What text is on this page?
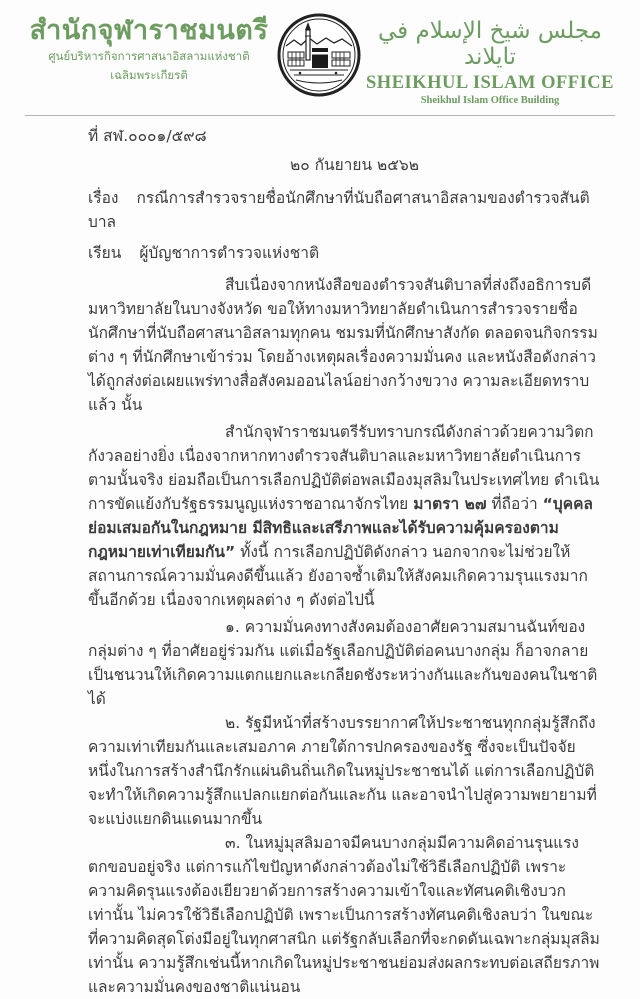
สำนักจุฬาราชมนตรี
ศูนย์บริหารกิจการศาสนาอิสลามแห่งชาติ
เฉลิมพระเกียรติ
مجلس شيخ الإسلام في تايلاند
SHEIKHUL ISLAM OFFICE
Sheikhul Islam Office Building
ที่ สฬ.๐๐๐๑/๕๙๘
๒๐ กันยายน ๒๕๖๒
เรื่อง กรณีการสำรวจรายชื่อนักศึกษาที่นับถือศาสนาอิสลามของตำรวจสันติบาล
เรียน ผู้บัญชาการตำรวจแห่งชาติ

สืบเนื่องจากหนังสือของตำรวจสันติบาลที่ส่งถึงอธิการบดีมหาวิทยาลัยในบางจังหวัด ขอให้ทางมหาวิทยาลัยดำเนินการสำรวจรายชื่อนักศึกษาที่นับถือศาสนาอิสลามทุกคน ชมรมที่นักศึกษาสังกัด ตลอดจนกิจกรรมต่าง ๆ ที่นักศึกษาเข้าร่วม โดยอ้างเหตุผลเรื่องความมั่นคง และหนังสือดังกล่าวได้ถูกส่งต่อเผยแพร่ทางสื่อสังคมออนไลน์อย่างกว้างขวาง ความละเอียดทราบแล้ว นั้น

สำนักจุฬาราชมนตรีรับทราบกรณีดังกล่าวด้วยความวิตกกังวลอย่างยิ่ง เนื่องจากหากทางตำรวจสันติบาลและมหาวิทยาลัยดำเนินการตามนั้นจริง ย่อมถือเป็นการเลือกปฏิบัติต่อพลเมืองมุสลิมในประเทศไทย ดำเนินการขัดแย้งกับรัฐธรรมนูญแห่งราชอาณาจักรไทย มาตรา ๒๗ ที่ถือว่า “บุคคลย่อมเสมอกันในกฎหมาย มีสิทธิและเสรีภาพและได้รับความคุ้มครองตามกฎหมายเท่าเทียมกัน” ทั้งนี้ การเลือกปฏิบัติดังกล่าว นอกจากจะไม่ช่วยให้สถานการณ์ความมั่นคงดีขึ้นแล้ว ยังอาจซ้ำเติมให้สังคมเกิดความรุนแรงมากขึ้นอีกด้วย เนื่องจากเหตุผลต่าง ๆ ดังต่อไปนี้

๑. ความมั่นคงทางสังคมต้องอาศัยความสมานฉันท์ของกลุ่มต่าง ๆ ที่อาศัยอยู่ร่วมกัน แต่เมื่อรัฐเลือกปฏิบัติต่อคนบางกลุ่ม ก็อาจกลายเป็นชนวนให้เกิดความแตกแยกและเกลียดชังระหว่างกันและกันของคนในชาติได้

๒. รัฐมีหน้าที่สร้างบรรยากาศให้ประชาชนทุกกลุ่มรู้สึกถึงความเท่าเทียมกันและเสมอภาค ภายใต้การปกครองของรัฐ ซึ่งจะเป็นปัจจัยหนึ่งในการสร้างสำนึกรักแผ่นดินถิ่นเกิดในหมู่ประชาชนได้ แต่การเลือกปฏิบัติจะทำให้เกิดความรู้สึกแปลกแยกต่อกันและกัน และอาจนำไปสู่ความพยายามที่จะแบ่งแยกดินแดนมากขึ้น

๓. ในหมู่มุสลิมอาจมีคนบางกลุ่มมีความคิดอ่านรุนแรงตกขอบอยู่จริง แต่การแก้ไขปัญหาดังกล่าวต้องไม่ใช้วิธีเลือกปฏิบัติ เพราะความคิดรุนแรงต้องเยียวยาด้วยการสร้างความเข้าใจและทัศนคติเชิงบวกเท่านั้น ไม่ควรใช้วิธีเลือกปฏิบัติ เพราะเป็นการสร้างทัศนคติเชิงลบว่า ในขณะที่ความคิดสุดโต่งมีอยู่ในทุกศาสนิก แต่รัฐกลับเลือกที่จะกดดันเฉพาะกลุ่มมุสลิมเท่านั้น ความรู้สึกเช่นนี้หากเกิดในหมู่ประชาชนย่อมส่งผลกระทบต่อเสถียรภาพและความมั่นคงของชาติแน่นอน
